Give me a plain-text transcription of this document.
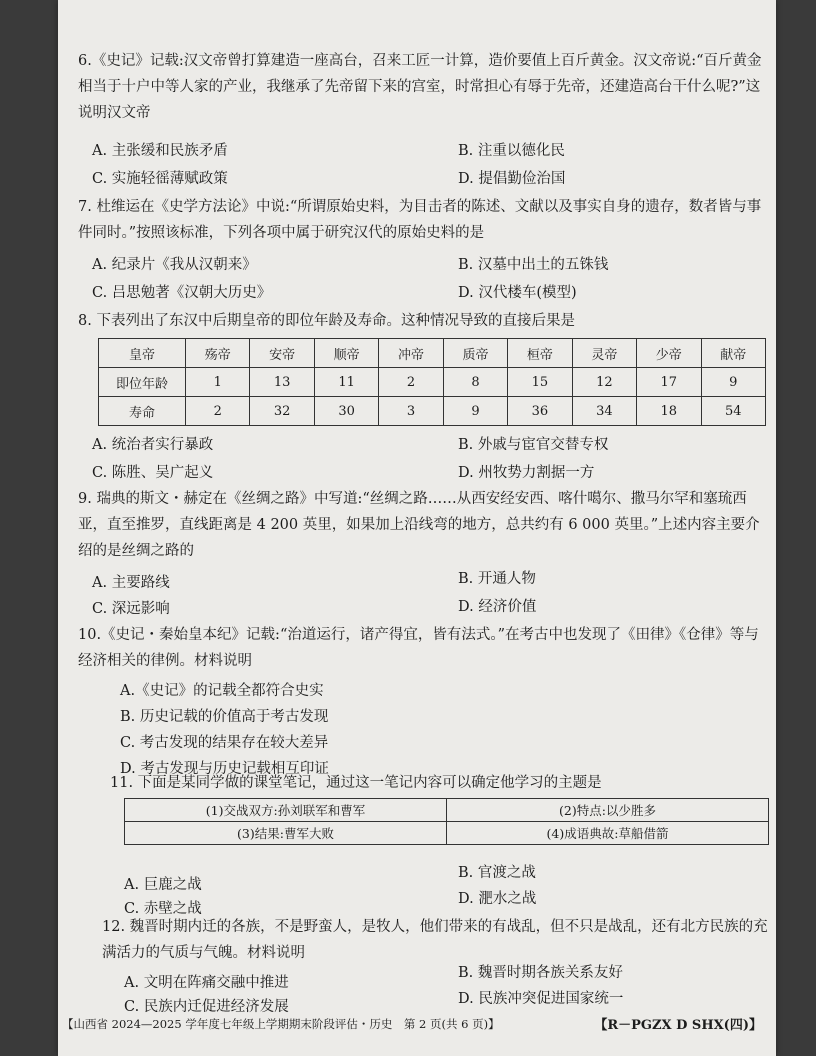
6.《史记》记载:汉文帝曾打算建造一座高台，召来工匠一计算，造价要值上百斤黄金。汉文帝说:“百斤黄金相当于十户中等人家的产业，我继承了先帝留下来的宫室，时常担心有辱于先帝，还建造高台干什么呢?”这说明汉文帝
A. 主张缓和民族矛盾	B. 注重以德化民
C. 实施轻徭薄赋政策	D. 提倡勤俭治国
7. 杜维运在《史学方法论》中说:“所谓原始史料，为目击者的陈述、文献以及事实自身的遗存，数者皆与事件同时。”按照该标准，下列各项中属于研究汉代的原始史料的是
A. 纪录片《我从汉朝来》	B. 汉墓中出土的五铢钱
C. 吕思勉著《汉朝大历史》	D. 汉代楼车(模型)
8. 下表列出了东汉中后期皇帝的即位年龄及寿命。这种情况导致的直接后果是
皇帝	殇帝	安帝	顺帝	冲帝	质帝	桓帝	灵帝	少帝	献帝
即位年龄	1	13	11	2	8	15	12	17	9
寿命	2	32	30	3	9	36	34	18	54
A. 统治者实行暴政	B. 外戚与宦官交替专权
C. 陈胜、吴广起义	D. 州牧势力割据一方
9. 瑞典的斯文・赫定在《丝绸之路》中写道:“丝绸之路……从西安经安西、喀什噶尔、撒马尔罕和塞琉西亚，直至推罗，直线距离是 4 200 英里，如果加上沿线弯的地方，总共约有 6 000 英里。”上述内容主要介绍的是丝绸之路的
A. 主要路线	B. 开通人物
C. 深远影响	D. 经济价值
10.《史记・秦始皇本纪》记载:“治道运行，诸产得宜，皆有法式。”在考古中也发现了《田律》《仓律》等与经济相关的律例。材料说明
A.《史记》的记载全都符合史实
B. 历史记载的价值高于考古发现
C. 考古发现的结果存在较大差异
D. 考古发现与历史记载相互印证
11. 下面是某同学做的课堂笔记，通过这一笔记内容可以确定他学习的主题是
(1)交战双方:孙刘联军和曹军	(2)特点:以少胜多
(3)结果:曹军大败	(4)成语典故:草船借箭
A. 巨鹿之战
B. 官渡之战
C. 赤壁之战
D. 淝水之战
12. 魏晋时期内迁的各族，不是野蛮人，是牧人，他们带来的有战乱，但不只是战乱，还有北方民族的充满活力的气质与气魄。材料说明
A. 文明在阵痛交融中推进
B. 魏晋时期各族关系友好
C. 民族内迁促进经济发展	D. 民族冲突促进国家统一
【山西省 2024—2025 学年度七年级上学期期末阶段评估・历史　第 2 页(共 6 页)】	【R－PGZX D SHX(四)】
